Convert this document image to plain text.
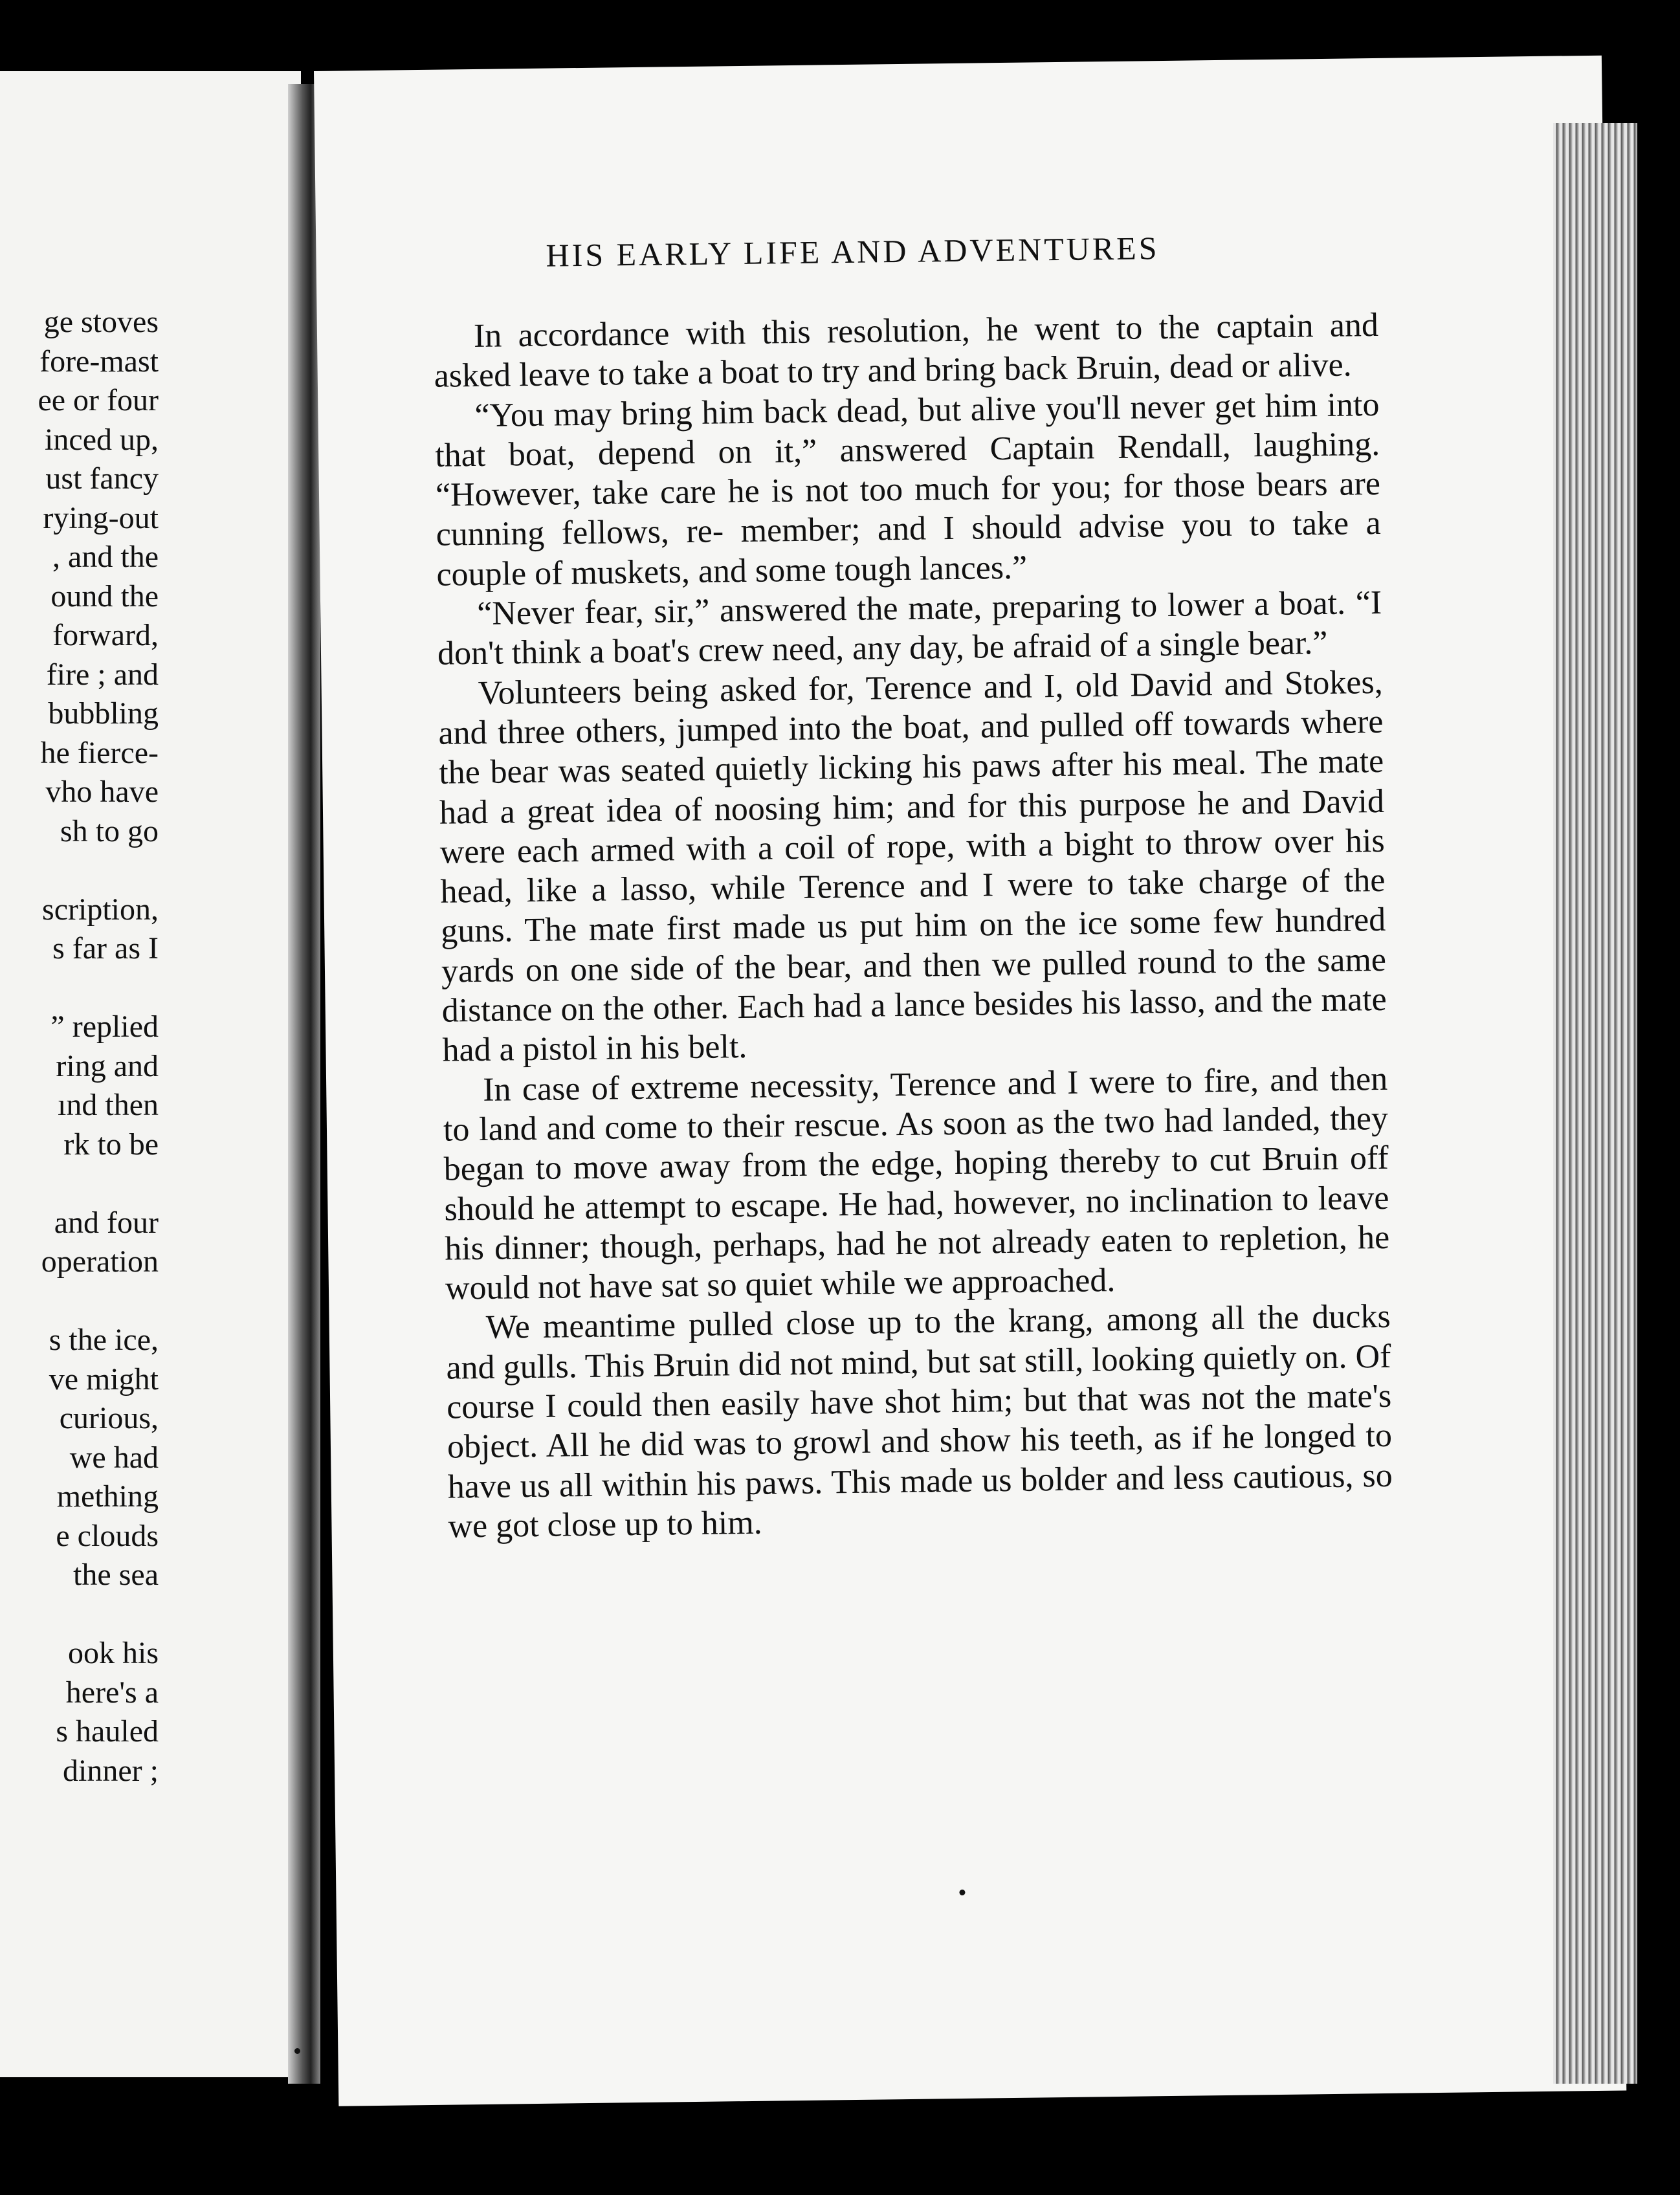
ge stoves
fore-mast
ee or four
inced up,
ust fancy
rying-out
, and the
ound the
forward,
fire ; and
bubbling
he fierce-
vho have
sh to go
scription,
s far as I
” replied
ring and
ınd then
rk to be
and four
operation
s the ice,
ve might
curious,
we had
mething
e clouds
the sea
ook his
here's a
s hauled
dinner ;
HIS EARLY LIFE AND ADVENTURES

In accordance with this resolution, he went to the captain and asked leave to take a boat to try and bring back Bruin, dead or alive.

“You may bring him back dead, but alive you'll never get him into that boat, depend on it,” answered Captain Rendall, laughing. “However, take care he is not too much for you; for those bears are cunning fellows, re- member; and I should advise you to take a couple of muskets, and some tough lances.”

“Never fear, sir,” answered the mate, preparing to lower a boat. “I don't think a boat's crew need, any day, be afraid of a single bear.”

Volunteers being asked for, Terence and I, old David and Stokes, and three others, jumped into the boat, and pulled off towards where the bear was seated quietly licking his paws after his meal. The mate had a great idea of noosing him; and for this purpose he and David were each armed with a coil of rope, with a bight to throw over his head, like a lasso, while Terence and I were to take charge of the guns. The mate first made us put him on the ice some few hundred yards on one side of the bear, and then we pulled round to the same distance on the other. Each had a lance besides his lasso, and the mate had a pistol in his belt.

In case of extreme necessity, Terence and I were to fire, and then to land and come to their rescue. As soon as the two had landed, they began to move away from the edge, hoping thereby to cut Bruin off should he attempt to escape. He had, however, no inclination to leave his dinner; though, perhaps, had he not already eaten to repletion, he would not have sat so quiet while we approached.

We meantime pulled close up to the krang, among all the ducks and gulls. This Bruin did not mind, but sat still, looking quietly on. Of course I could then easily have shot him; but that was not the mate's object. All he did was to growl and show his teeth, as if he longed to have us all within his paws. This made us bolder and less cautious, so we got close up to him.
